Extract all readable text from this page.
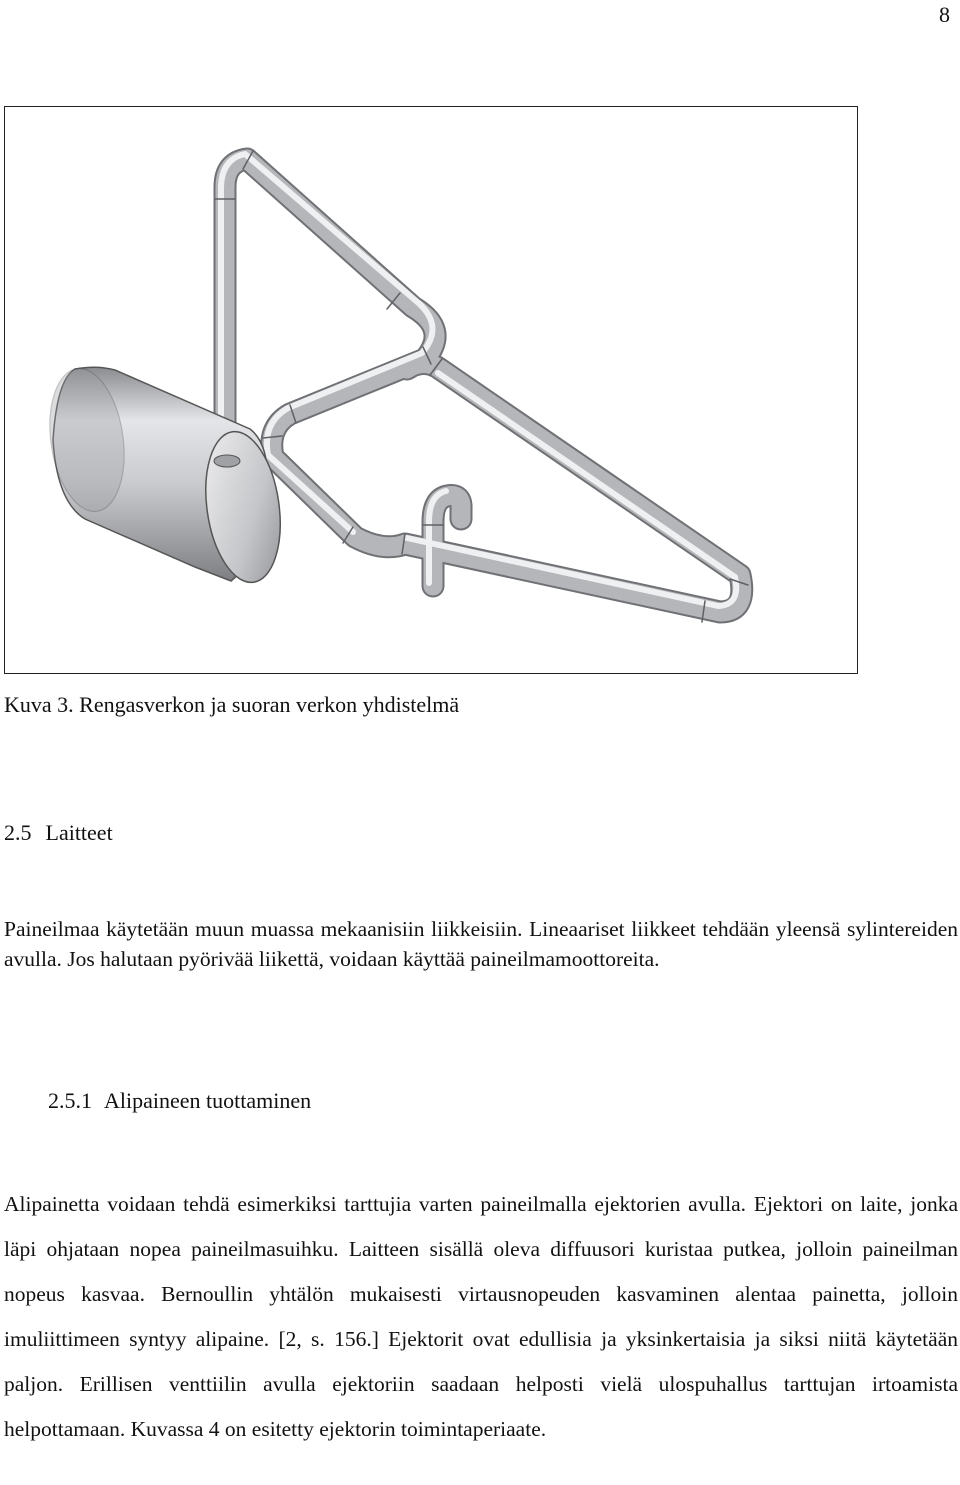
8
Kuva 3. Rengasverkon ja suoran verkon yhdistelmä
2.5 Laitteet
Paineilmaa käytetään muun muassa mekaanisiin liikkeisiin. Lineaariset liikkeet tehdään yleensä sylintereiden avulla. Jos halutaan pyörivää liikettä, voidaan käyttää paineilmamoottoreita.
2.5.1 Alipaineen tuottaminen
Alipainetta voidaan tehdä esimerkiksi tarttujia varten paineilmalla ejektorien avulla. Ejektori on laite, jonka läpi ohjataan nopea paineilmasuihku. Laitteen sisällä oleva diffuusori kuristaa putkea, jolloin paineilman nopeus kasvaa. Bernoullin yhtälön mukaisesti virtausnopeuden kasvaminen alentaa painetta, jolloin imuliittimeen syntyy alipaine. [2, s. 156.] Ejektorit ovat edullisia ja yksinkertaisia ja siksi niitä käytetään paljon. Erillisen venttiilin avulla ejektoriin saadaan helposti vielä ulospuhallus tarttujan irtoamista helpottamaan. Kuvassa 4 on esitetty ejektorin toimintaperiaate.
